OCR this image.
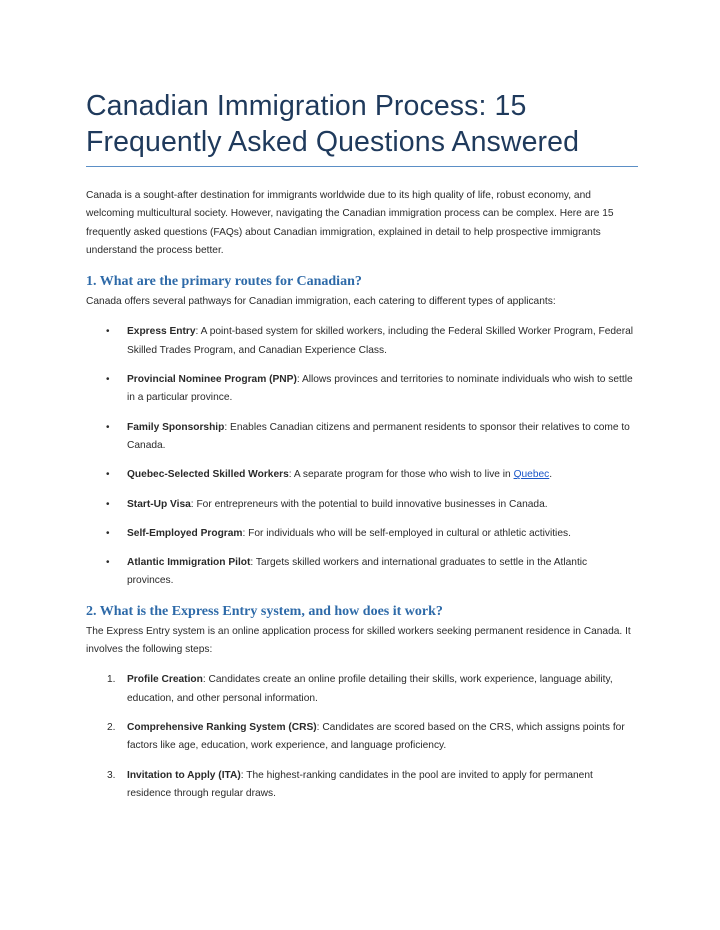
Canadian Immigration Process: 15
Frequently Asked Questions Answered

Canada is a sought-after destination for immigrants worldwide due to its high quality of life, robust economy, and welcoming multicultural society. However, navigating the Canadian immigration process can be complex. Here are 15 frequently asked questions (FAQs) about Canadian immigration, explained in detail to help prospective immigrants understand the process better.

1. What are the primary routes for Canadian?

Canada offers several pathways for Canadian immigration, each catering to different types of applicants:

• Express Entry: A point-based system for skilled workers, including the Federal Skilled Worker Program, Federal Skilled Trades Program, and Canadian Experience Class.
• Provincial Nominee Program (PNP): Allows provinces and territories to nominate individuals who wish to settle in a particular province.
• Family Sponsorship: Enables Canadian citizens and permanent residents to sponsor their relatives to come to Canada.
• Quebec-Selected Skilled Workers: A separate program for those who wish to live in Quebec.
• Start-Up Visa: For entrepreneurs with the potential to build innovative businesses in Canada.
• Self-Employed Program: For individuals who will be self-employed in cultural or athletic activities.
• Atlantic Immigration Pilot: Targets skilled workers and international graduates to settle in the Atlantic provinces.
2. What is the Express Entry system, and how does it work?

The Express Entry system is an online application process for skilled workers seeking permanent residence in Canada. It involves the following steps:

1. Profile Creation: Candidates create an online profile detailing their skills, work experience, language ability, education, and other personal information.
2. Comprehensive Ranking System (CRS): Candidates are scored based on the CRS, which assigns points for factors like age, education, work experience, and language proficiency.
3. Invitation to Apply (ITA): The highest-ranking candidates in the pool are invited to apply for permanent residence through regular draws.
